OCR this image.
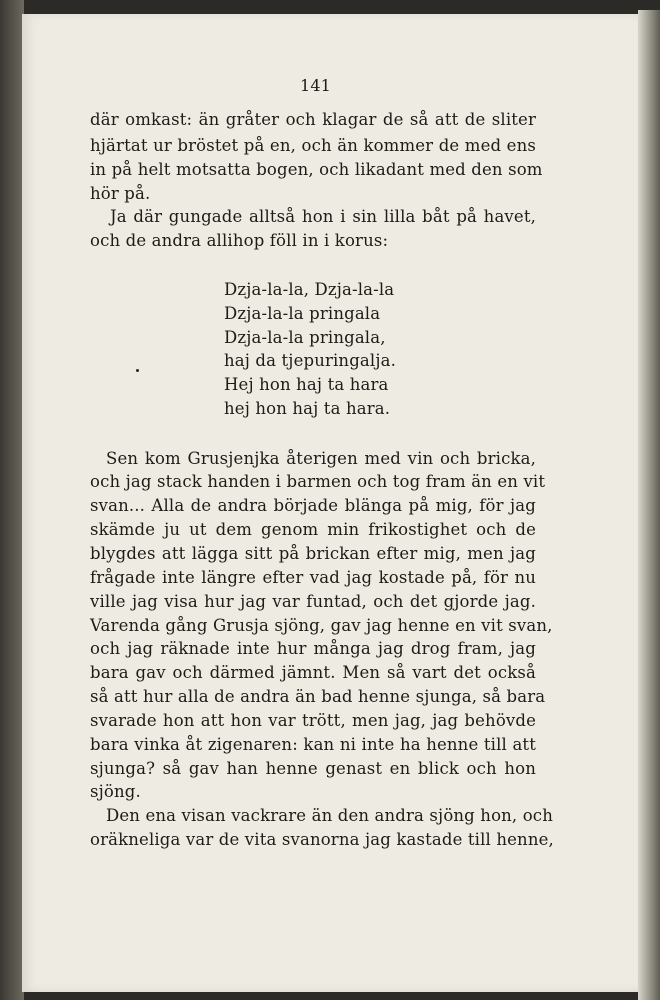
141
där omkast: än gråter och klagar de så att de sliter
hjärtat ur bröstet på en, och än kommer de med ens
in på helt motsatta bogen, och likadant med den som
hör på.
Ja där gungade alltså hon i sin lilla båt på havet,
och de andra allihop föll in i korus:
Dzja-la-la, Dzja-la-la
Dzja-la-la pringala
Dzja-la-la pringala,
haj da tjepuringalja.
Hej hon haj ta hara
hej hon haj ta hara.
Sen kom Grusjenjka återigen med vin och bricka,
och jag stack handen i barmen och tog fram än en vit
svan... Alla de andra började blänga på mig, för jag
skämde ju ut dem genom min frikostighet och de
blygdes att lägga sitt på brickan efter mig, men jag
frågade inte längre efter vad jag kostade på, för nu
ville jag visa hur jag var funtad, och det gjorde jag.
Varenda gång Grusja sjöng, gav jag henne en vit svan,
och jag räknade inte hur många jag drog fram, jag
bara gav och därmed jämnt. Men så vart det också
så att hur alla de andra än bad henne sjunga, så bara
svarade hon att hon var trött, men jag, jag behövde
bara vinka åt zigenaren: kan ni inte ha henne till att
sjunga? så gav han henne genast en blick och hon
sjöng.
Den ena visan vackrare än den andra sjöng hon, och
oräkneliga var de vita svanorna jag kastade till henne,
